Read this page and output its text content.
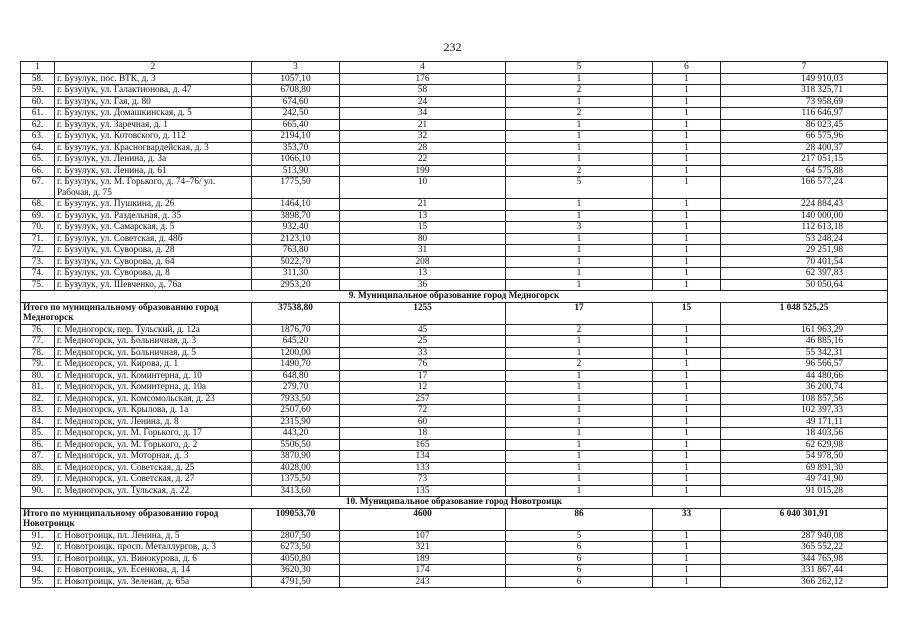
232
1	2	3	4	5	6	7
58.	г. Бузулук, пос. ВТК, д. 3	1057,10	176	1	1	149 910,03
59.	г. Бузулук, ул. Галактионова, д. 47	6708,80	58	2	1	318 325,71
60.	г. Бузулук, ул. Гая, д. 80	674,60	24	1	1	73 958,69
61.	г. Бузулук, ул. Домашкинская, д. 5	242,50	34	2	1	116 646,97
62.	г. Бузулук, ул. Заречная, д. 1	665,40	21	1	1	86 023,45
63.	г. Бузулук, ул. Котовского, д. 112	2194,10	32	1	1	66 575,96
64.	г. Бузулук, ул. Красногвардейская, д. 3	353,70	28	1	1	28 400,37
65.	г. Бузулук, ул. Ленина, д. 3а	1066,10	22	1	1	217 051,15
66.	г. Бузулук, ул. Ленина, д. 61	513,90	199	2	1	64 575,88
67.	г. Бузулук, ул. М. Горького, д. 74–76/ ул. Рабочая, д. 75	1775,50	10	5	1	166 577,24
68.	г. Бузулук, ул. Пушкина, д. 26	1464,10	21	1	1	224 884,43
69.	г. Бузулук, ул. Раздельная, д. 35	3898,70	13	1	1	140 000,00
70.	г. Бузулук, ул. Самарская, д. 5	932,40	15	3	1	112 613,18
71.	г. Бузулук, ул. Советская, д. 48б	2123,10	80	1	1	53 248,24
72.	г. Бузулук, ул. Суворова, д. 28	763,80	31	1	1	29 251,98
73.	г. Бузулук, ул. Суворова, д. 64	5022,70	208	1	1	70 401,54
74.	г. Бузулук, ул. Суворова, д. 8	311,30	13	1	1	62 397,83
75.	г. Бузулук, ул. Шевченко, д. 76а	2953,20	36	1	1	50 050,64
9. Муниципальное образование город Медногорск						
Итого по муниципальному образованию город Медногорск		37538,80	1255	17	15	1 048 525,25
76.	г. Медногорск, пер. Тульский, д. 12а	1876,70	45	2	1	161 963,29
77.	г. Медногорск, ул. Больничная, д. 3	645,20	25	1	1	46 885,16
78.	г. Медногорск, ул. Больничная, д. 5	1200,00	33	1	1	55 342,31
79.	г. Медногорск, ул. Кирова, д. 1	1490,70	76	2	1	96 566,57
80.	г. Медногорск, ул. Коминтерна, д. 10	648,80	17	1	1	44 480,66
81.	г. Медногорск, ул. Коминтерна, д. 10а	279,70	12	1	1	36 200,74
82.	г. Медногорск, ул. Комсомольская, д. 23	7933,50	257	1	1	108 857,56
83.	г. Медногорск, ул. Крылова, д. 1а	2507,60	72	1	1	102 397,33
84.	г. Медногорск, ул. Ленина, д. 8	2315,90	60	1	1	49 171,11
85.	г. Медногорск, ул. М. Горького, д. 17	443,20	18	1	1	18 403,56
86.	г. Медногорск, ул. М. Горького, д. 2	5506,50	165	1	1	62 629,98
87.	г. Медногорск, ул. Моторная, д. 3	3870,90	134	1	1	54 978,50
88.	г. Медногорск, ул. Советская, д. 25	4028,00	133	1	1	69 891,30
89.	г. Медногорск, ул. Советская, д. 27	1375,50	73	1	1	49 741,90
90.	г. Медногорск, ул. Тульская, д. 22	3413,60	135	1	1	91 015,28
10. Муниципальное образование город Новотроицк						
Итого по муниципальному образованию город Новотроицк		109053,70	4600	86	33	6 040 301,91
91.	г. Новотроицк, пл. Ленина, д. 5	2807,50	107	5	1	287 940,08
92.	г. Новотроицк, просп. Металлургов, д. 3	6273,50	321	6	1	365 552,22
93.	г. Новотроицк, ул. Винокурова, д. 6	4050,80	189	6	1	344 765,98
94.	г. Новотроицк, ул. Есенкова, д. 14	3620,30	174	6	1	331 867,44
95.	г. Новотроицк, ул. Зеленая, д. 65а	4791,50	243	6	1	366 262,12
